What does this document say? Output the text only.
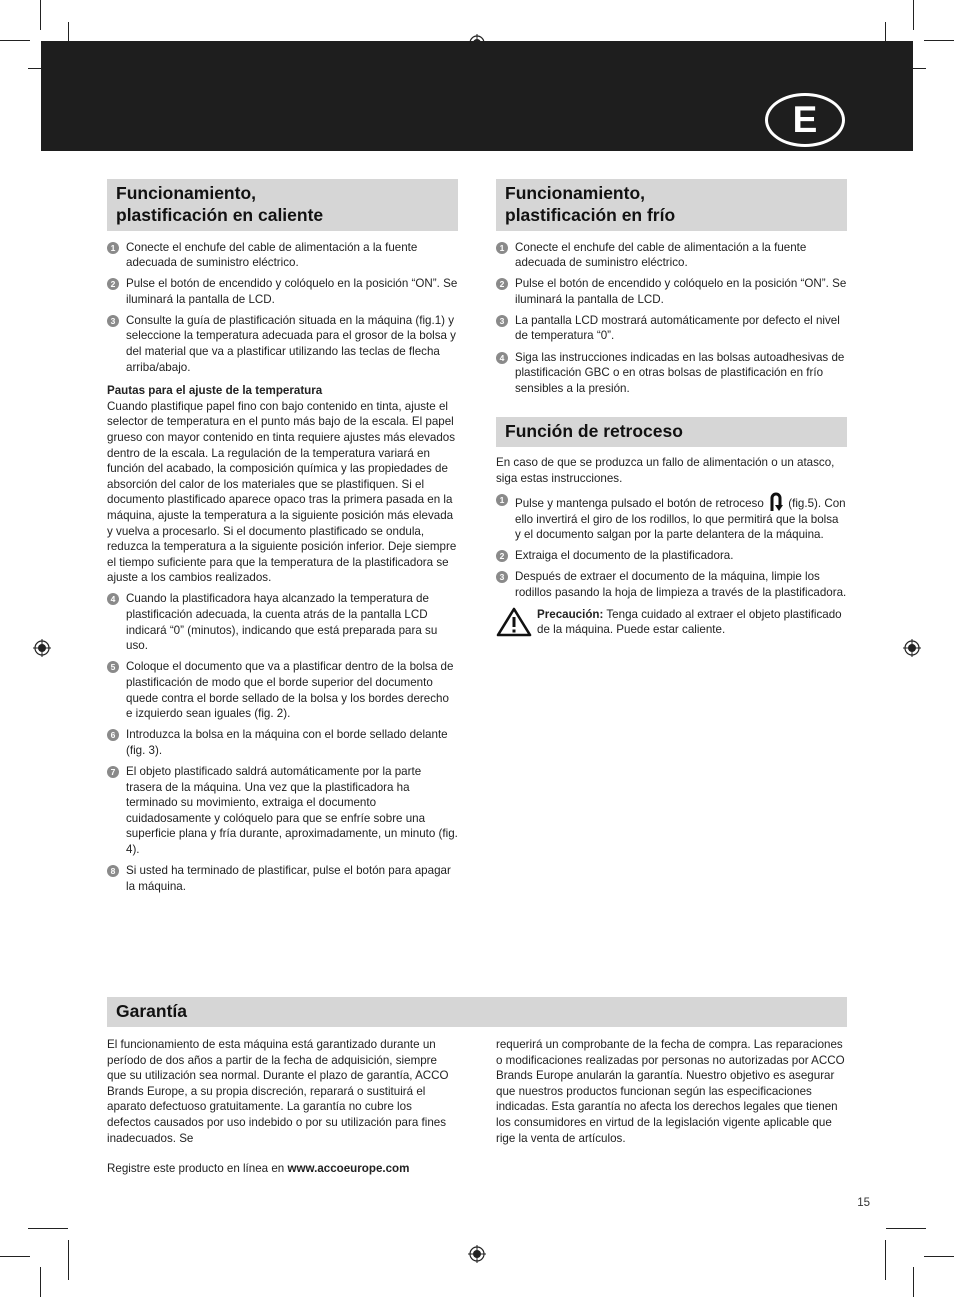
E
Funcionamiento,
plastificación en caliente
1 Conecte el enchufe del cable de alimentación a la fuente adecuada de suministro eléctrico.
2 Pulse el botón de encendido y colóquelo en la posición “ON”. Se iluminará la pantalla de LCD.
3 Consulte la guía de plastificación situada en la máquina (fig.1) y seleccione la temperatura adecuada para el grosor de la bolsa y del material que va a plastificar utilizando las teclas de flecha arriba/abajo.
Pautas para el ajuste de la temperatura
Cuando plastifique papel fino con bajo contenido en tinta, ajuste el selector de temperatura en el punto más bajo de la escala. El papel grueso con mayor contenido en tinta requiere ajustes más elevados dentro de la escala. La regulación de la temperatura variará en función del acabado, la composición química y las propiedades de absorción del calor de los materiales que se plastifiquen. Si el documento plastificado aparece opaco tras la primera pasada en la máquina, ajuste la temperatura a la siguiente posición más elevada y vuelva a procesarlo. Si el documento plastificado se ondula, reduzca la temperatura a la siguiente posición inferior. Deje siempre el tiempo suficiente para que la temperatura de la plastificadora se ajuste a los cambios realizados.
4 Cuando la plastificadora haya alcanzado la temperatura de plastificación adecuada, la cuenta atrás de la pantalla LCD indicará “0” (minutos), indicando que está preparada para su uso.
5 Coloque el documento que va a plastificar dentro de la bolsa de plastificación de modo que el borde superior del documento quede contra el borde sellado de la bolsa y los bordes derecho e izquierdo sean iguales (fig. 2).
6 Introduzca la bolsa en la máquina con el borde sellado delante (fig. 3).
7 El objeto plastificado saldrá automáticamente por la parte trasera de la máquina. Una vez que la plastificadora ha terminado su movimiento, extraiga el documento cuidadosamente y colóquelo para que se enfríe sobre una superficie plana y fría durante, aproximadamente, un minuto (fig. 4).
8 Si usted ha terminado de plastificar, pulse el botón para apagar la máquina.
Funcionamiento,
plastificación en frío
1 Conecte el enchufe del cable de alimentación a la fuente adecuada de suministro eléctrico.
2 Pulse el botón de encendido y colóquelo en la posición “ON”. Se iluminará la pantalla de LCD.
3 La pantalla LCD mostrará automáticamente por defecto el nivel de temperatura “0”.
4 Siga las instrucciones indicadas en las bolsas autoadhesivas de plastificación GBC o en otras bolsas de plastificación en frío sensibles a la presión.
Función de retroceso
En caso de que se produzca un fallo de alimentación o un atasco, siga estas instrucciones.
1 Pulse y mantenga pulsado el botón de retroceso (fig.5). Con ello invertirá el giro de los rodillos, lo que permitirá que la bolsa y el documento salgan por la parte delantera de la máquina.
2 Extraiga el documento de la plastificadora.
3 Después de extraer el documento de la máquina, limpie los rodillos pasando la hoja de limpieza a través de la plastificadora.
Precaución: Tenga cuidado al extraer el objeto plastificado de la máquina. Puede estar caliente.
Garantía
El funcionamiento de esta máquina está garantizado durante un período de dos años a partir de la fecha de adquisición, siempre que su utilización sea normal. Durante el plazo de garantía, ACCO Brands Europe, a su propia discreción, reparará o sustituirá el aparato defectuoso gratuitamente. La garantía no cubre los defectos causados por uso indebido o por su utilización para fines inadecuados. Se
Registre este producto en línea en www.accoeurope.com
requerirá un comprobante de la fecha de compra. Las reparaciones o modificaciones realizadas por personas no autorizadas por ACCO Brands Europe anularán la garantía. Nuestro objetivo es asegurar que nuestros productos funcionan según las especificaciones indicadas. Esta garantía no afecta los derechos legales que tienen los consumidores en virtud de la legislación vigente aplicable que rige la venta de artículos.
15
